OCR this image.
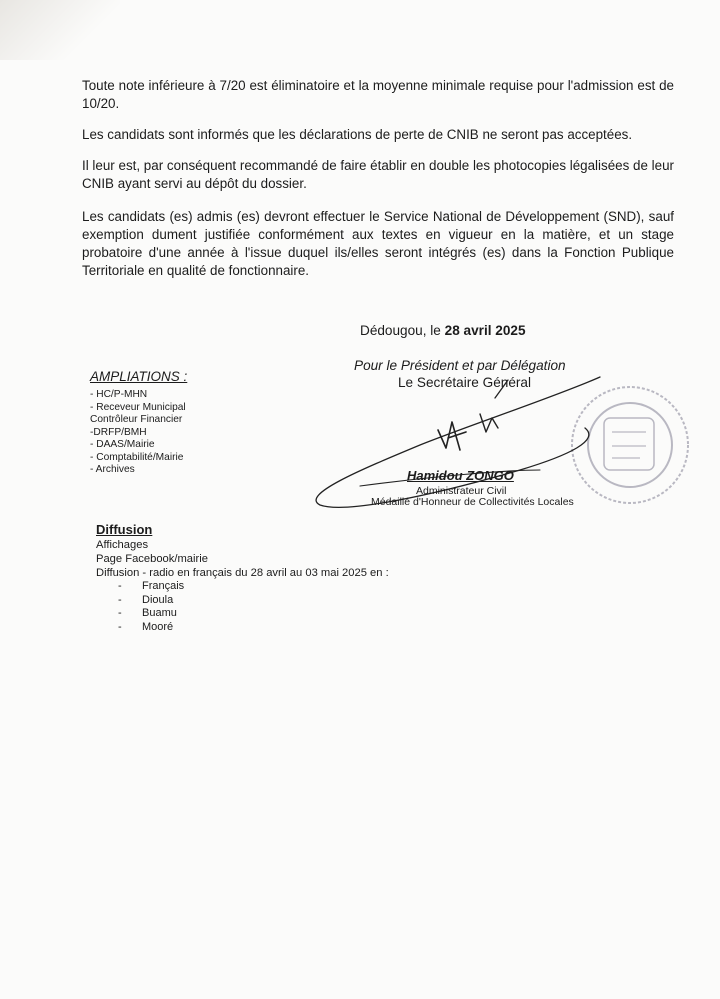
Toute note inférieure à 7/20 est éliminatoire et la moyenne minimale requise pour l'admission est de 10/20.

Les candidats sont informés que les déclarations de perte de CNIB ne seront pas acceptées.

Il leur est, par conséquent recommandé de faire établir en double les photocopies légalisées de leur CNIB ayant servi au dépôt du dossier.

Les candidats (es) admis (es) devront effectuer le Service National de Développement (SND), sauf exemption dument justifiée conformément aux textes en vigueur en la matière, et un stage probatoire d'une année à l'issue duquel ils/elles seront intégrés (es) dans la Fonction Publique Territoriale en qualité de fonctionnaire.

Dédougou, le 28 avril 2025
Pour le Président et par Délégation
Le Secrétaire Général
AMPLIATIONS :
- HC/P-MHN
- Receveur Municipal
Contrôleur Financier
-DRFP/BMH
- DAAS/Mairie
- Comptabilité/Mairie
- Archives	Hamidou ZONGO
Administrateur Civil
Médaillé d'Honneur de Collectivités Locales
Diffusion
Affichages
Page Facebook/mairie
Diffusion - radio en français du 28 avril au 03 mai 2025 en :
- Français
- Dioula
- Buamu
- Mooré
